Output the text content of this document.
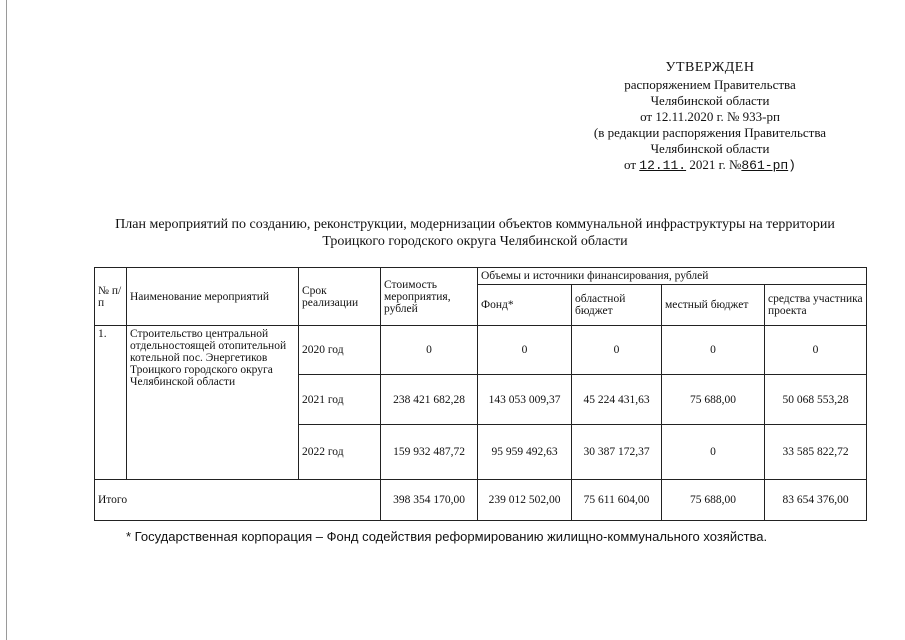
УТВЕРЖДЕН
распоряжением Правительства
Челябинской области
от 12.11.2020 г. № 933-рп
(в редакции распоряжения Правительства
Челябинской области
от 12.11. 2021 г. №861-рп)
План мероприятий по созданию, реконструкции, модернизации объектов коммунальной инфраструктуры на территории
Троицкого городского округа Челябинской области
№ п/п	Наименование мероприятий	Срок реализации	Стоимость мероприятия, рублей	Объемы и источники финансирования, рублей			
				Фонд*	областной бюджет	местный бюджет	средства участника проекта
1.	Строительство центральной отдельностоящей отопительной котельной пос. Энергетиков Троицкого городского округа Челябинской области	2020 год	0	0	0	0	0
		2021 год	238 421 682,28	143 053 009,37	45 224 431,63	75 688,00	50 068 553,28
		2022 год	159 932 487,72	95 959 492,63	30 387 172,37	0	33 585 822,72
Итого			398 354 170,00	239 012 502,00	75 611 604,00	75 688,00	83 654 376,00
* Государственная корпорация – Фонд содействия реформированию жилищно-коммунального хозяйства.
